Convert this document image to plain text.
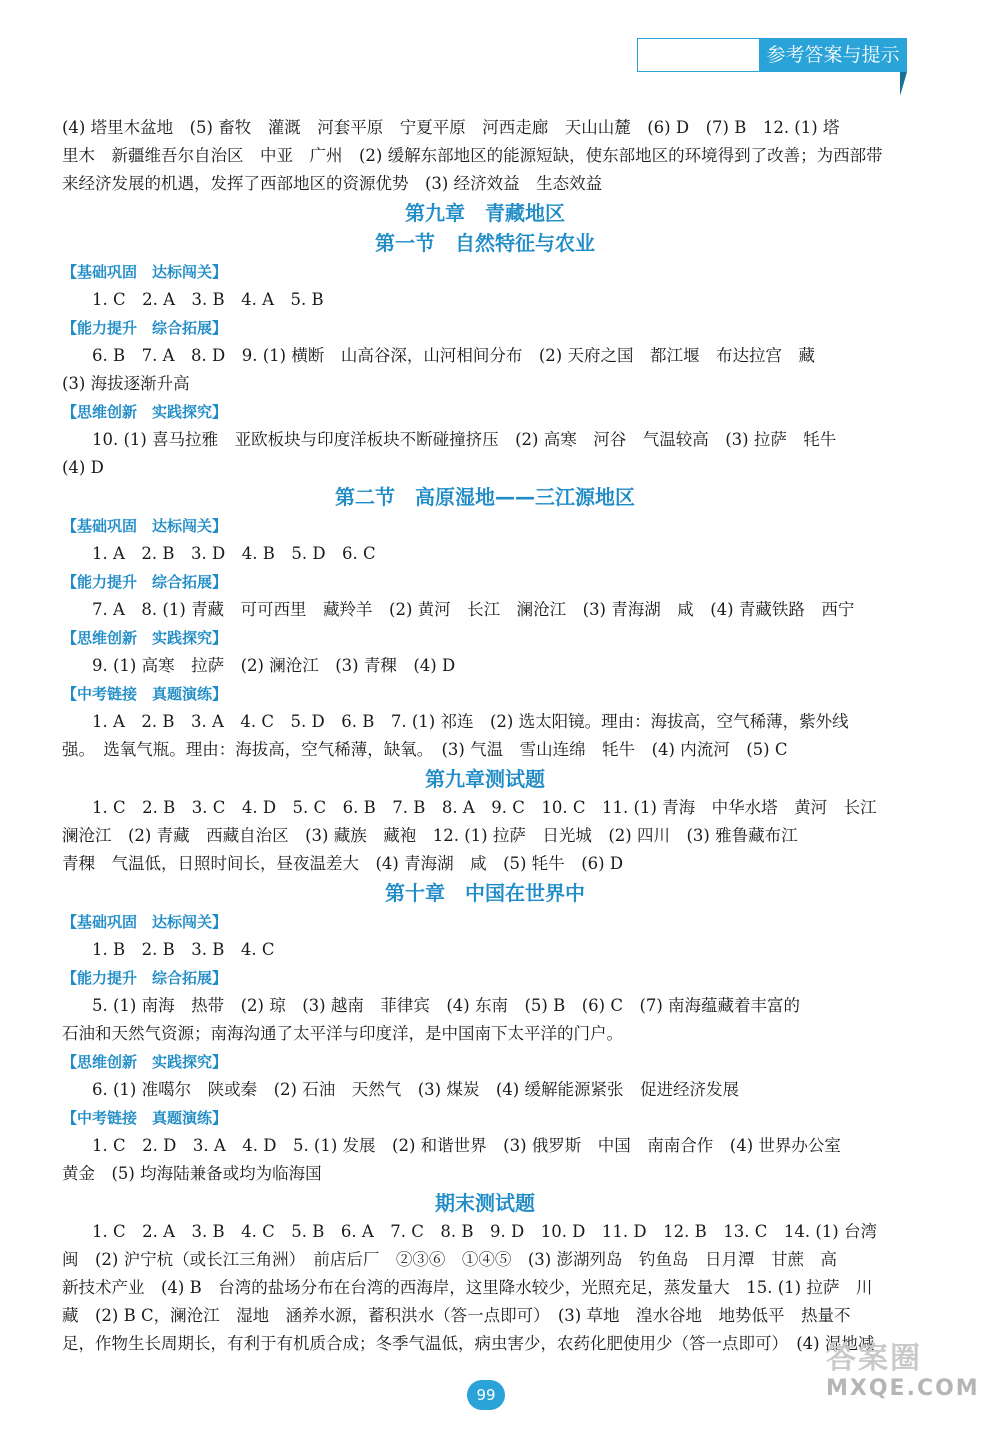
参考答案与提示
(4) 塔里木盆地　(5) 畜牧　灌溉　河套平原　宁夏平原　河西走廊　天山山麓　(6) D　(7) B　12. (1) 塔
里木　新疆维吾尔自治区　中亚　广州　(2) 缓解东部地区的能源短缺，使东部地区的环境得到了改善；为西部带
来经济发展的机遇，发挥了西部地区的资源优势　(3) 经济效益　生态效益
第九章　青藏地区
第一节　自然特征与农业
【基础巩固　达标闯关】
1. C　2. A　3. B　4. A　5. B
【能力提升　综合拓展】
6. B　7. A　8. D　9. (1) 横断　山高谷深，山河相间分布　(2) 天府之国　都江堰　布达拉宫　藏
(3) 海拔逐渐升高
【思维创新　实践探究】
10. (1) 喜马拉雅　亚欧板块与印度洋板块不断碰撞挤压　(2) 高寒　河谷　气温较高　(3) 拉萨　牦牛
(4) D
第二节　高原湿地——三江源地区
【基础巩固　达标闯关】
1. A　2. B　3. D　4. B　5. D　6. C
【能力提升　综合拓展】
7. A　8. (1) 青藏　可可西里　藏羚羊　(2) 黄河　长江　澜沧江　(3) 青海湖　咸　(4) 青藏铁路　西宁
【思维创新　实践探究】
9. (1) 高寒　拉萨　(2) 澜沧江　(3) 青稞　(4) D
【中考链接　真题演练】
1. A　2. B　3. A　4. C　5. D　6. B　7. (1) 祁连　(2) 选太阳镜。理由：海拔高，空气稀薄，紫外线
强。　选氧气瓶。理由：海拔高，空气稀薄，缺氧。　(3) 气温　雪山连绵　牦牛　(4) 内流河　(5) C
第九章测试题
1. C　2. B　3. C　4. D　5. C　6. B　7. B　8. A　9. C　10. C　11. (1) 青海　中华水塔　黄河　长江
澜沧江　(2) 青藏　西藏自治区　(3) 藏族　藏袍　12. (1) 拉萨　日光城　(2) 四川　(3) 雅鲁藏布江
青稞　气温低，日照时间长，昼夜温差大　(4) 青海湖　咸　(5) 牦牛　(6) D
第十章　中国在世界中
【基础巩固　达标闯关】
1. B　2. B　3. B　4. C
【能力提升　综合拓展】
5. (1) 南海　热带　(2) 琼　(3) 越南　菲律宾　(4) 东南　(5) B　(6) C　(7) 南海蕴藏着丰富的
石油和天然气资源；南海沟通了太平洋与印度洋，是中国南下太平洋的门户。
【思维创新　实践探究】
6. (1) 准噶尔　陕或秦　(2) 石油　天然气　(3) 煤炭　(4) 缓解能源紧张　促进经济发展
【中考链接　真题演练】
1. C　2. D　3. A　4. D　5. (1) 发展　(2) 和谐世界　(3) 俄罗斯　中国　南南合作　(4) 世界办公室
黄金　(5) 均海陆兼备或均为临海国
期末测试题
1. C　2. A　3. B　4. C　5. B　6. A　7. C　8. B　9. D　10. D　11. D　12. B　13. C　14. (1) 台湾
闽　(2) 沪宁杭（或长江三角洲）　前店后厂　②③⑥　①④⑤　(3) 澎湖列岛　钓鱼岛　日月潭　甘蔗　高
新技术产业　(4) B　台湾的盐场分布在台湾的西海岸，这里降水较少，光照充足，蒸发量大　15. (1) 拉萨　川
藏　(2) B C，澜沧江　湿地　涵养水源，蓄积洪水（答一点即可）　(3) 草地　湟水谷地　地势低平　热量不
足，作物生长周期长，有利于有机质合成；冬季气温低，病虫害少，农药化肥使用少（答一点即可）　(4) 湿地减
99
答案圈
MXQE.COM
